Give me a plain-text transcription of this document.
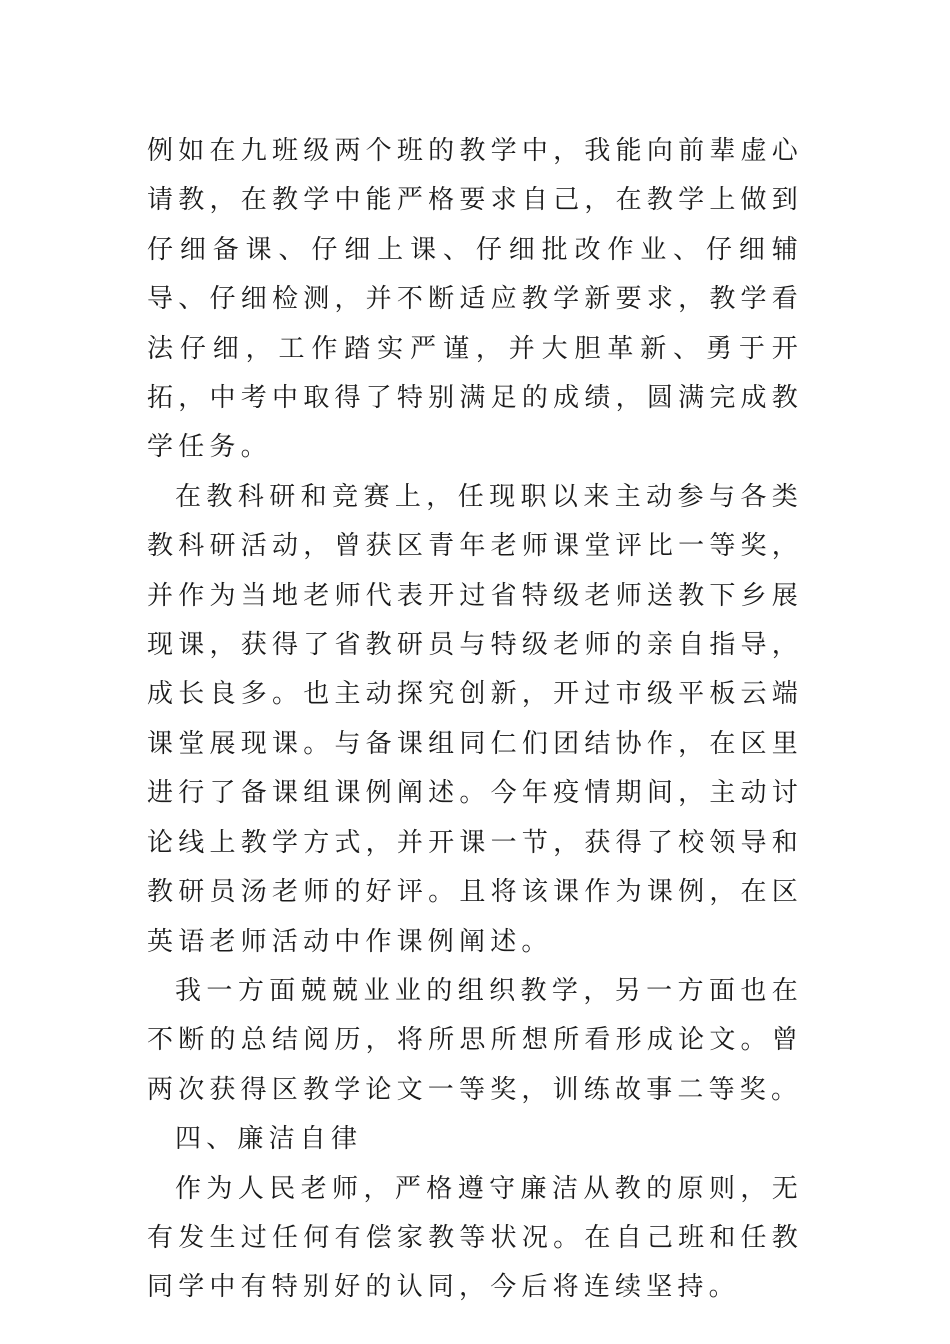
例如在九班级两个班的教学中，我能向前辈虚心请教，在教学中能严格要求自己，在教学上做到仔细备课、仔细上课、仔细批改作业、仔细辅导、仔细检测，并不断适应教学新要求，教学看法仔细，工作踏实严谨，并大胆革新、勇于开拓，中考中取得了特别满足的成绩，圆满完成教学任务。

在教科研和竞赛上，任现职以来主动参与各类教科研活动，曾获区青年老师课堂评比一等奖，并作为当地老师代表开过省特级老师送教下乡展现课，获得了省教研员与特级老师的亲自指导，成长良多。也主动探究创新，开过市级平板云端课堂展现课。与备课组同仁们团结协作，在区里进行了备课组课例阐述。今年疫情期间，主动讨论线上教学方式，并开课一节，获得了校领导和教研员汤老师的好评。且将该课作为课例，在区英语老师活动中作课例阐述。

我一方面兢兢业业的组织教学，另一方面也在不断的总结阅历，将所思所想所看形成论文。曾两次获得区教学论文一等奖，训练故事二等奖。

四、廉洁自律

作为人民老师，严格遵守廉洁从教的原则，无有发生过任何有偿家教等状况。在自己班和任教同学中有特别好的认同，今后将连续坚持。
